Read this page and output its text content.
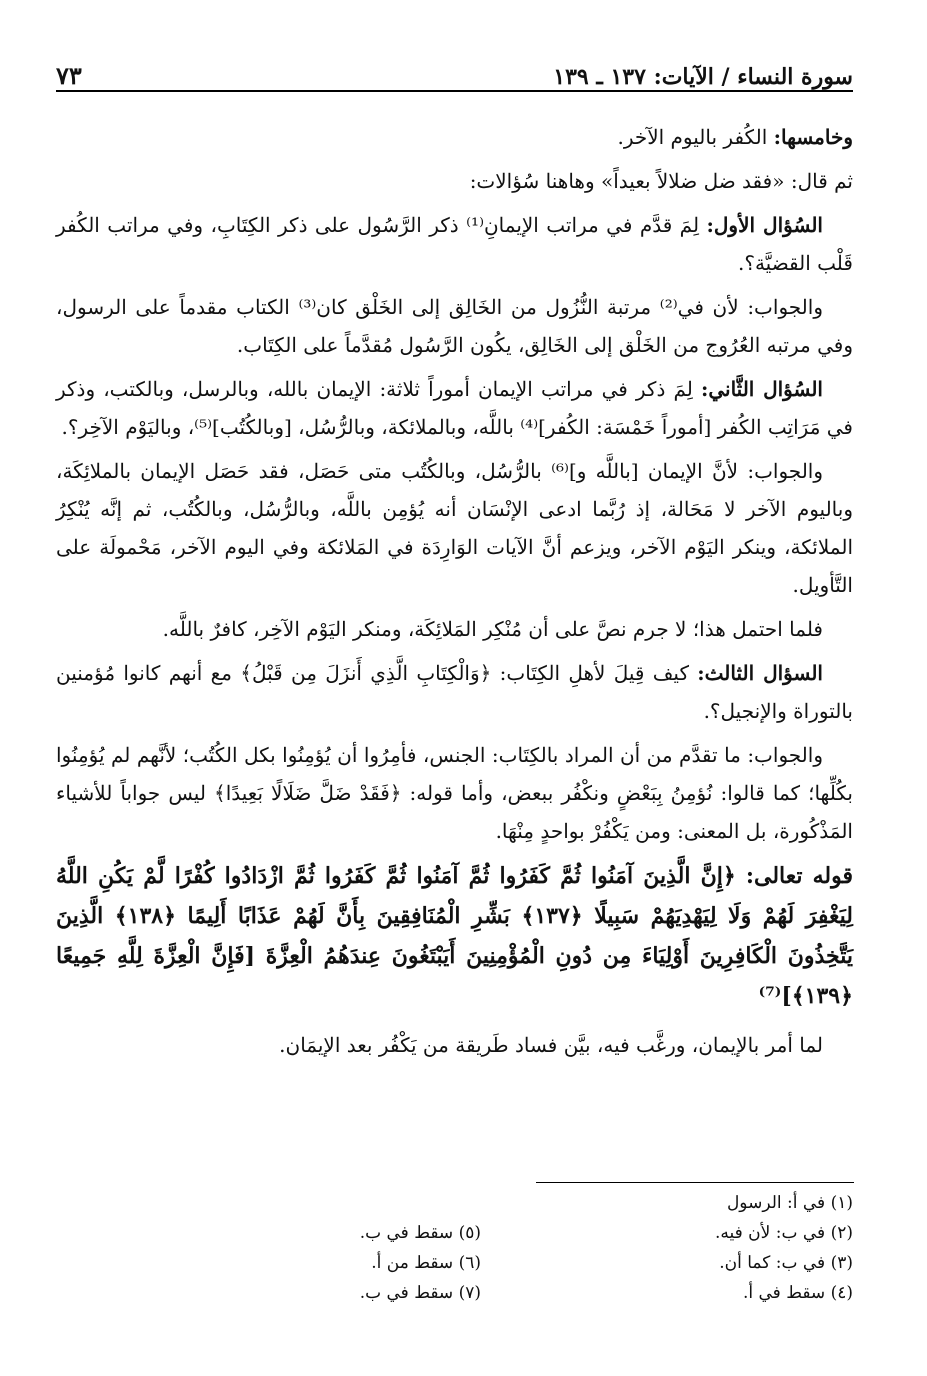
سورة النساء / الآيات: ١٣٧ ـ ١٣٩
٧٣

وخامسها: الكُفر باليوم الآخر.

ثم قال: «فقد ضل ضلالاً بعيداً» وهاهنا سُؤالات:

السُؤال الأول: لِمَ قدَّم في مراتب الإيمانِ⁽¹⁾ ذكر الرَّسُول على ذكر الكِتَابِ، وفي مراتب الكُفر قَلْب القضيَّة؟.

والجواب: لأن في⁽²⁾ مرتبة النُّزُول من الخَالِق إلى الخَلْق كان⁽³⁾ الكتاب مقدماً على الرسول، وفي مرتبه العُرُوج من الخَلْق إلى الخَالِق، يكُون الرَّسُول مُقدَّماً على الكِتَاب.

السُؤال الثَّاني: لِمَ ذكر في مراتب الإيمان أموراً ثلاثة: الإيمان بالله، وبالرسل، وبالكتب، وذكر في مَرَاتِب الكُفر [أموراً خَمْسَة: الكُفر]⁽⁴⁾ باللَّه، وبالملائكة، وبالرُّسُل، [وبالكُتُب]⁽⁵⁾، وباليَوْم الآخِر؟.

والجواب: لأنَّ الإيمان [باللَّه و]⁽⁶⁾ بالرُّسُل، وبالكُتُب متى حَصَل، فقد حَصَل الإيمان بالملائِكَة، وباليوم الآخر لا مَحَالة، إذ رُبَّما ادعى الإنْسَان أنه يُؤمِن باللَّه، وبالرُّسُل، وبالكُتُب، ثم إنَّه يُنْكِرُ الملائكة، وينكر اليَوْم الآخر، ويزعم أنَّ الآيات الوَارِدَة في المَلائكة وفي اليوم الآخر، مَحْمولَة على التَّأويل.

فلما احتمل هذا؛ لا جرم نصَّ على أن مُنْكِر المَلائِكَة، ومنكر اليَوْم الآخِر، كافرٌ باللَّه.

السؤال الثالث: كيف قِيلَ لأهلِ الكِتَاب: ﴿وَالْكِتَابِ الَّذِي أَنزَلَ مِن قَبْلُ﴾ مع أنهم كانوا مُؤمنين بالتوراة والإنجيل؟.

والجواب: ما تقدَّم من أن المراد بالكِتَاب: الجنس، فأمِرُوا أن يُؤمِنُوا بكل الكُتُب؛ لأنَّهم لم يُؤمِنُوا بكُلِّها؛ كما قالوا: نُؤمِنُ بِبَعْضٍ ونكْفُر ببعض، وأما قوله: ﴿فَقَدْ ضَلَّ ضَلَالًا بَعِيدًا﴾ ليس جواباً للأشياء المَذْكُورة، بل المعنى: ومن يَكْفُرْ بواحدٍ مِنْهَا.

قوله تعالى: ﴿إِنَّ الَّذِينَ آمَنُوا ثُمَّ كَفَرُوا ثُمَّ آمَنُوا ثُمَّ كَفَرُوا ثُمَّ ازْدَادُوا كُفْرًا لَّمْ يَكُنِ اللَّهُ لِيَغْفِرَ لَهُمْ وَلَا لِيَهْدِيَهُمْ سَبِيلًا ﴿١٣٧﴾ بَشِّرِ الْمُنَافِقِينَ بِأَنَّ لَهُمْ عَذَابًا أَلِيمًا ﴿١٣٨﴾ الَّذِينَ يَتَّخِذُونَ الْكَافِرِينَ أَوْلِيَاءَ مِن دُونِ الْمُؤْمِنِينَ أَيَبْتَغُونَ عِندَهُمُ الْعِزَّةَ [فَإِنَّ الْعِزَّةَ لِلَّهِ جَمِيعًا ﴿١٣٩﴾]⁽⁷⁾

لما أمر بالإيمان، ورغَّب فيه، بيَّن فساد طَريقة من يَكْفُر بعد الإيمَان.

(١) في أ: الرسول
(٢) في ب: لأن فيه.
(٣) في ب: كما أن.
(٤) سقط في أ.
(٥) سقط في ب.
(٦) سقط من أ.
(٧) سقط في ب.
